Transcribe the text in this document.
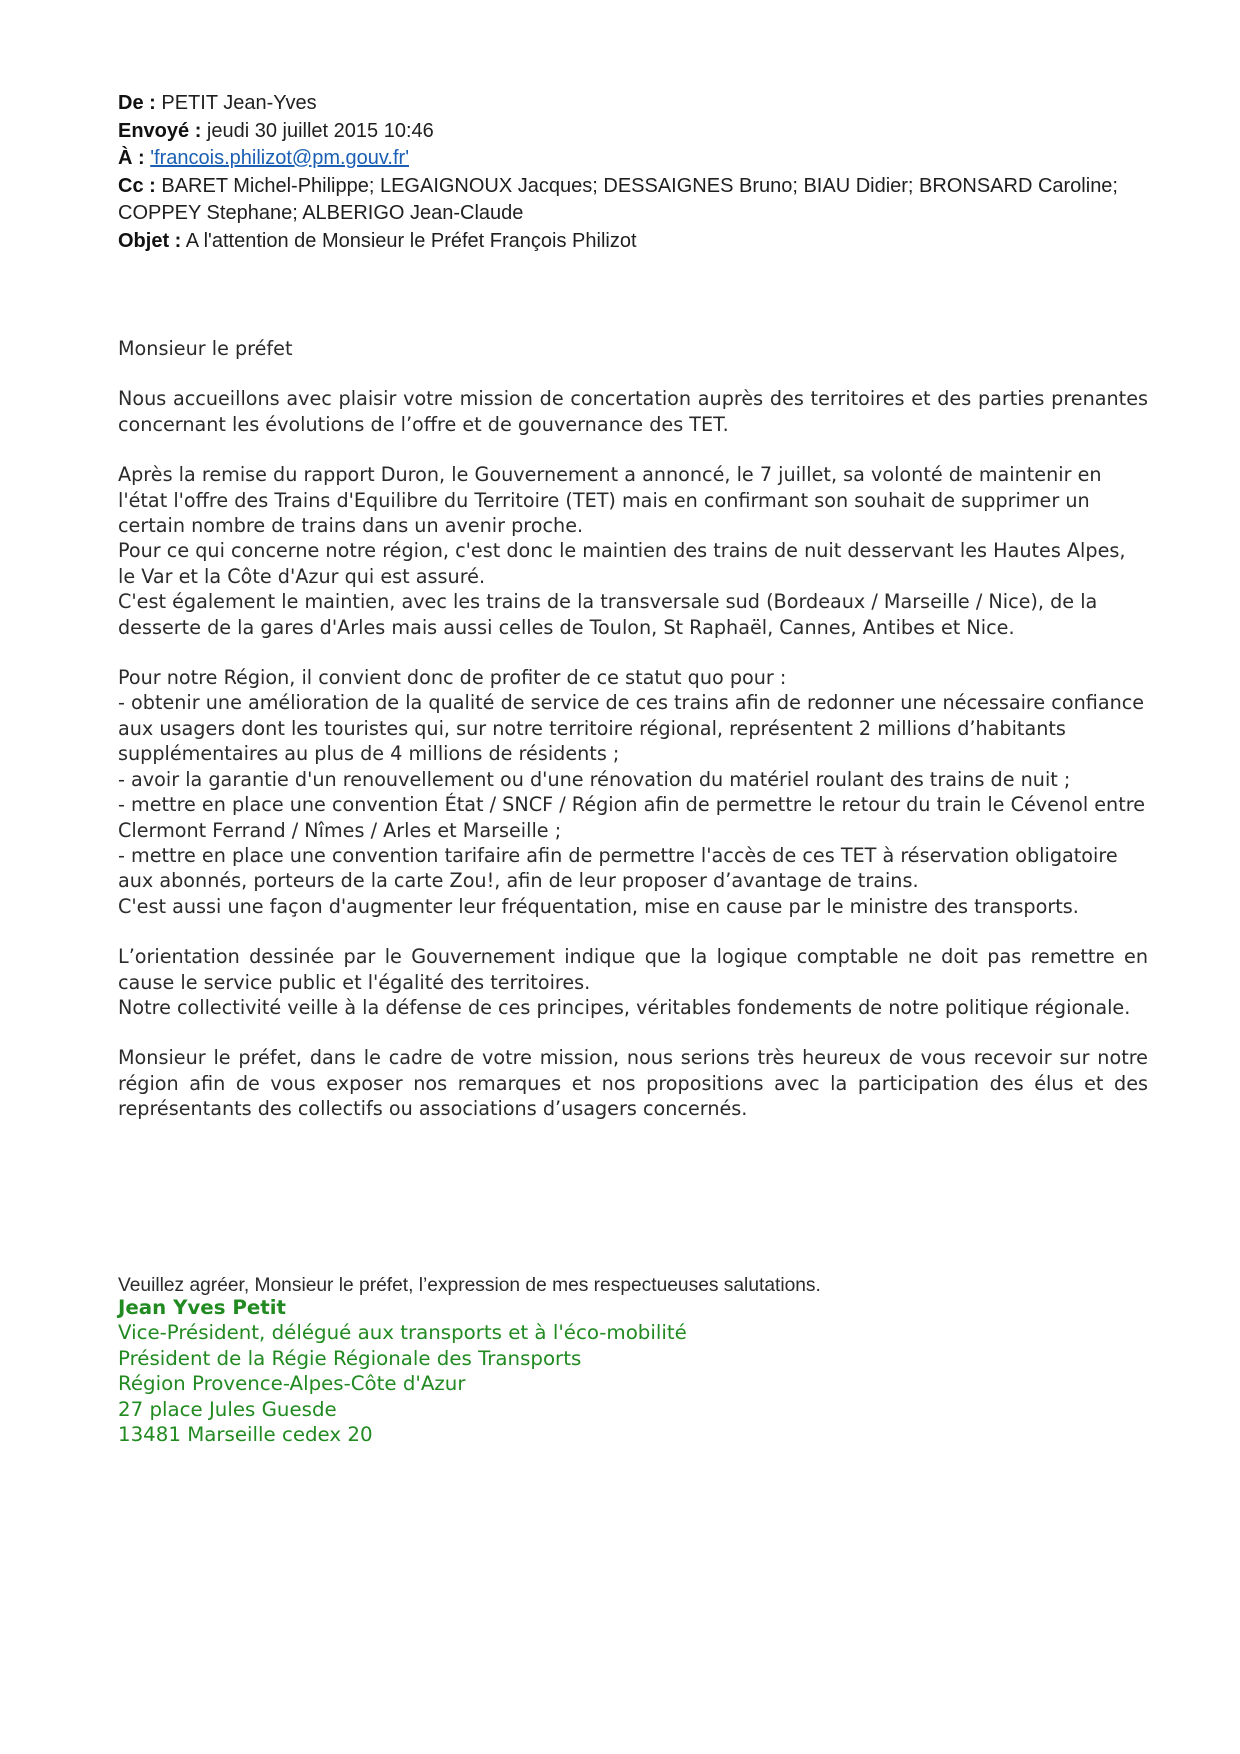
De : PETIT Jean-Yves

Envoyé : jeudi 30 juillet 2015 10:46

À : 'francois.philizot@pm.gouv.fr'

Cc : BARET Michel-Philippe; LEGAIGNOUX Jacques; DESSAIGNES Bruno; BIAU Didier; BRONSARD Caroline;

COPPEY Stephane; ALBERIGO Jean-Claude

Objet : A l'attention de Monsieur le Préfet François Philizot

Monsieur le préfet

Nous accueillons avec plaisir votre mission de concertation auprès des territoires et des parties prenantes concernant les évolutions de l’offre et de gouvernance des TET.

Après la remise du rapport Duron, le Gouvernement a annoncé, le 7 juillet, sa volonté de maintenir en l'état l'offre des Trains d'Equilibre du Territoire (TET) mais en confirmant son souhait de supprimer un certain nombre de trains dans un avenir proche.

Pour ce qui concerne notre région, c'est donc le maintien des trains de nuit desservant les Hautes Alpes, le Var et la Côte d'Azur qui est assuré.

C'est également le maintien, avec les trains de la transversale sud (Bordeaux / Marseille / Nice), de la desserte de la gares d'Arles mais aussi celles de Toulon, St Raphaël, Cannes, Antibes et Nice.

Pour notre Région, il convient donc de profiter de ce statut quo pour :

- obtenir une amélioration de la qualité de service de ces trains afin de redonner une nécessaire confiance aux usagers dont les touristes qui, sur notre territoire régional, représentent 2 millions d’habitants supplémentaires au plus de 4 millions de résidents ;

- avoir la garantie d'un renouvellement ou d'une rénovation du matériel roulant des trains de nuit ;

- mettre en place une convention État / SNCF / Région afin de permettre le retour du train le Cévenol entre Clermont Ferrand / Nîmes / Arles et Marseille ;

- mettre en place une convention tarifaire afin de permettre l'accès de ces TET à réservation obligatoire aux abonnés, porteurs de la carte Zou!, afin de leur proposer d’avantage de trains.

C'est aussi une façon d'augmenter leur fréquentation, mise en cause par le ministre des transports.

L’orientation dessinée par le Gouvernement indique que la logique comptable ne doit pas remettre en cause le service public et l'égalité des territoires.

Notre collectivité veille à la défense de ces principes, véritables fondements de notre politique régionale.

Monsieur le préfet, dans le cadre de votre mission, nous serions très heureux de vous recevoir sur notre région afin de vous exposer nos remarques et nos propositions avec la participation des élus et des représentants des collectifs ou associations d’usagers concernés.

Veuillez agréer, Monsieur le préfet, l’expression de mes respectueuses salutations.

Jean Yves Petit

Vice-Président, délégué aux transports et à l'éco-mobilité

Président de la Régie Régionale des Transports

Région Provence-Alpes-Côte d'Azur

27 place Jules Guesde

13481 Marseille cedex 20
